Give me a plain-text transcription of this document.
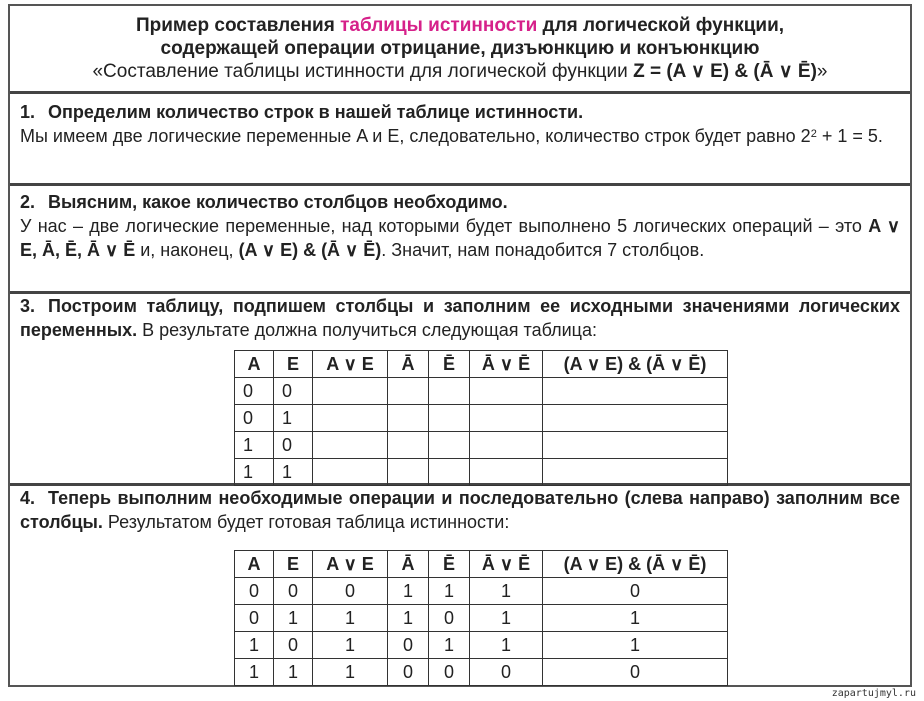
Пример составления таблицы истинности для логической функции,
содержащей операции отрицание, дизъюнкцию и конъюнкцию
«Составление таблицы истинности для логической функции Z = (A ∨ E) & (Ā ∨ Ē)»
1. Определим количество строк в нашей таблице истинности.
Мы имеем две логические переменные A и E, следовательно, количество строк будет равно $2^2 + 1 = 5$.
2. Выясним, какое количество столбцов необходимо.
У нас – две логические переменные, над которыми будет выполнено 5 логических операций – это A ∨ E, Ā, Ē, Ā ∨ Ē и, наконец, (A ∨ E) & (Ā ∨ Ē). Значит, нам понадобится 7 столбцов.
3. Построим таблицу, подпишем столбцы и заполним ее исходными значениями логических переменных. В результате должна получиться следующая таблица:
A	E	A ∨ E	Ā	Ē	Ā ∨ Ē	(A ∨ E) & (Ā ∨ Ē)
0	0					
0	1					
1	0					
1	1					
4. Теперь выполним необходимые операции и последовательно (слева направо) заполним все столбцы. Результатом будет готовая таблица истинности:
A	E	A ∨ E	Ā	Ē	Ā ∨ Ē	(A ∨ E) & (Ā ∨ Ē)
0	0	0	1	1	1	0
0	1	1	1	0	1	1
1	0	1	0	1	1	1
1	1	1	0	0	0	0
zapartujmyl.ru
